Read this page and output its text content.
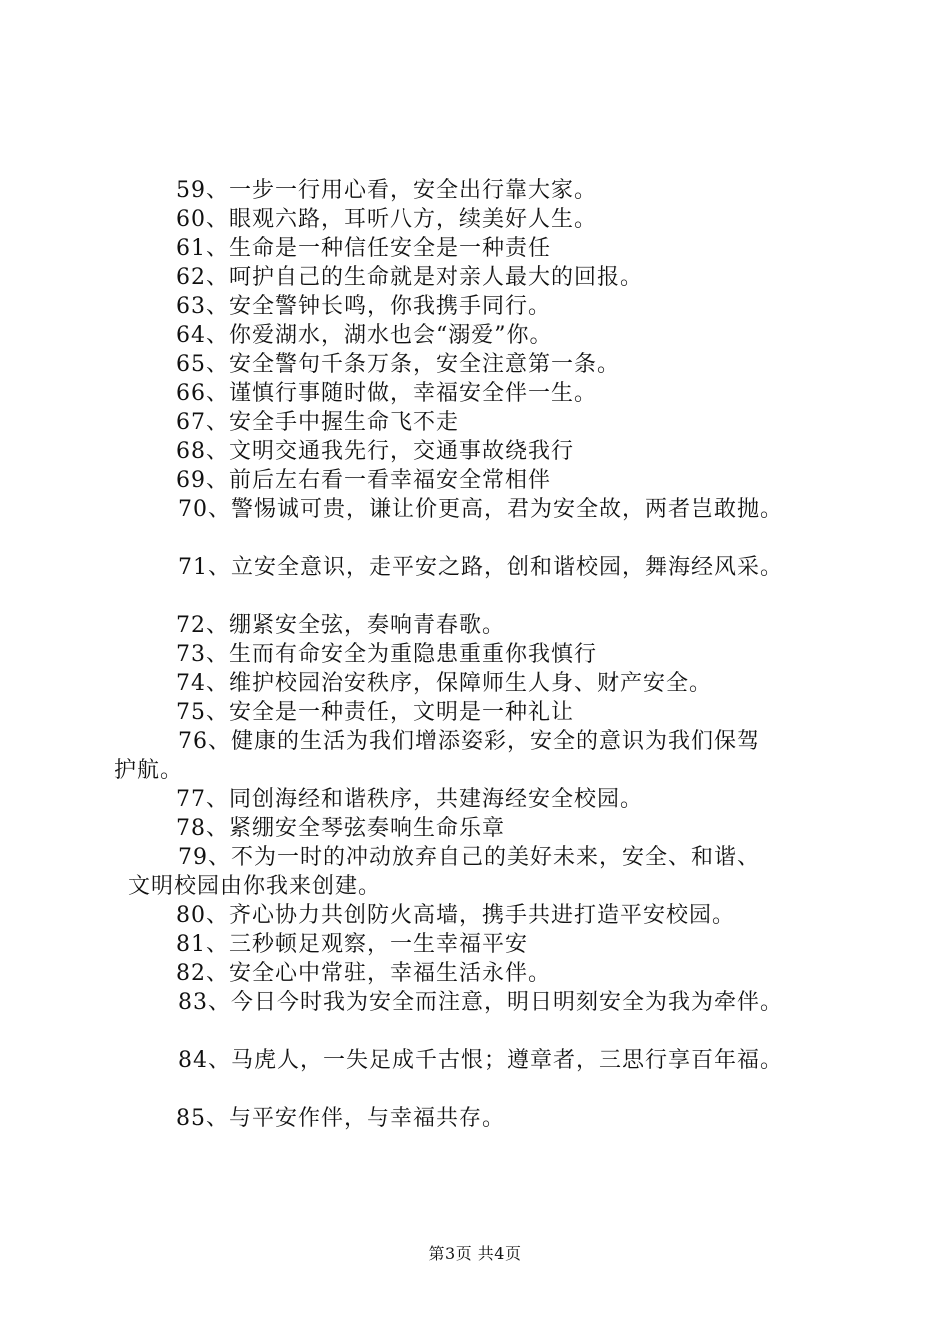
59、一步一行用心看，安全出行靠大家。
60、眼观六路，耳听八方，续美好人生。
61、生命是一种信任安全是一种责任
62、呵护自己的生命就是对亲人最大的回报。
63、安全警钟长鸣，你我携手同行。
64、你爱湖水，湖水也会“溺爱”你。
65、安全警句千条万条，安全注意第一条。
66、谨慎行事随时做，幸福安全伴一生。
67、安全手中握生命飞不走
68、文明交通我先行，交通事故绕我行
69、前后左右看一看幸福安全常相伴
70、警惕诚可贵，谦让价更高，君为安全故，两者岂敢抛。
71、立安全意识，走平安之路，创和谐校园，舞海经风采。
72、绷紧安全弦，奏响青春歌。
73、生而有命安全为重隐患重重你我慎行
74、维护校园治安秩序，保障师生人身、财产安全。
75、安全是一种责任，文明是一种礼让
76、健康的生活为我们增添姿彩，安全的意识为我们保驾
护航。
77、同创海经和谐秩序，共建海经安全校园。
78、紧绷安全琴弦奏响生命乐章
79、不为一时的冲动放弃自己的美好未来，安全、和谐、
文明校园由你我来创建。
80、齐心协力共创防火高墙，携手共进打造平安校园。
81、三秒顿足观察，一生幸福平安
82、安全心中常驻，幸福生活永伴。
83、今日今时我为安全而注意，明日明刻安全为我为牵伴。
84、马虎人，一失足成千古恨；遵章者，三思行享百年福。
85、与平安作伴，与幸福共存。
第3页 共4页
